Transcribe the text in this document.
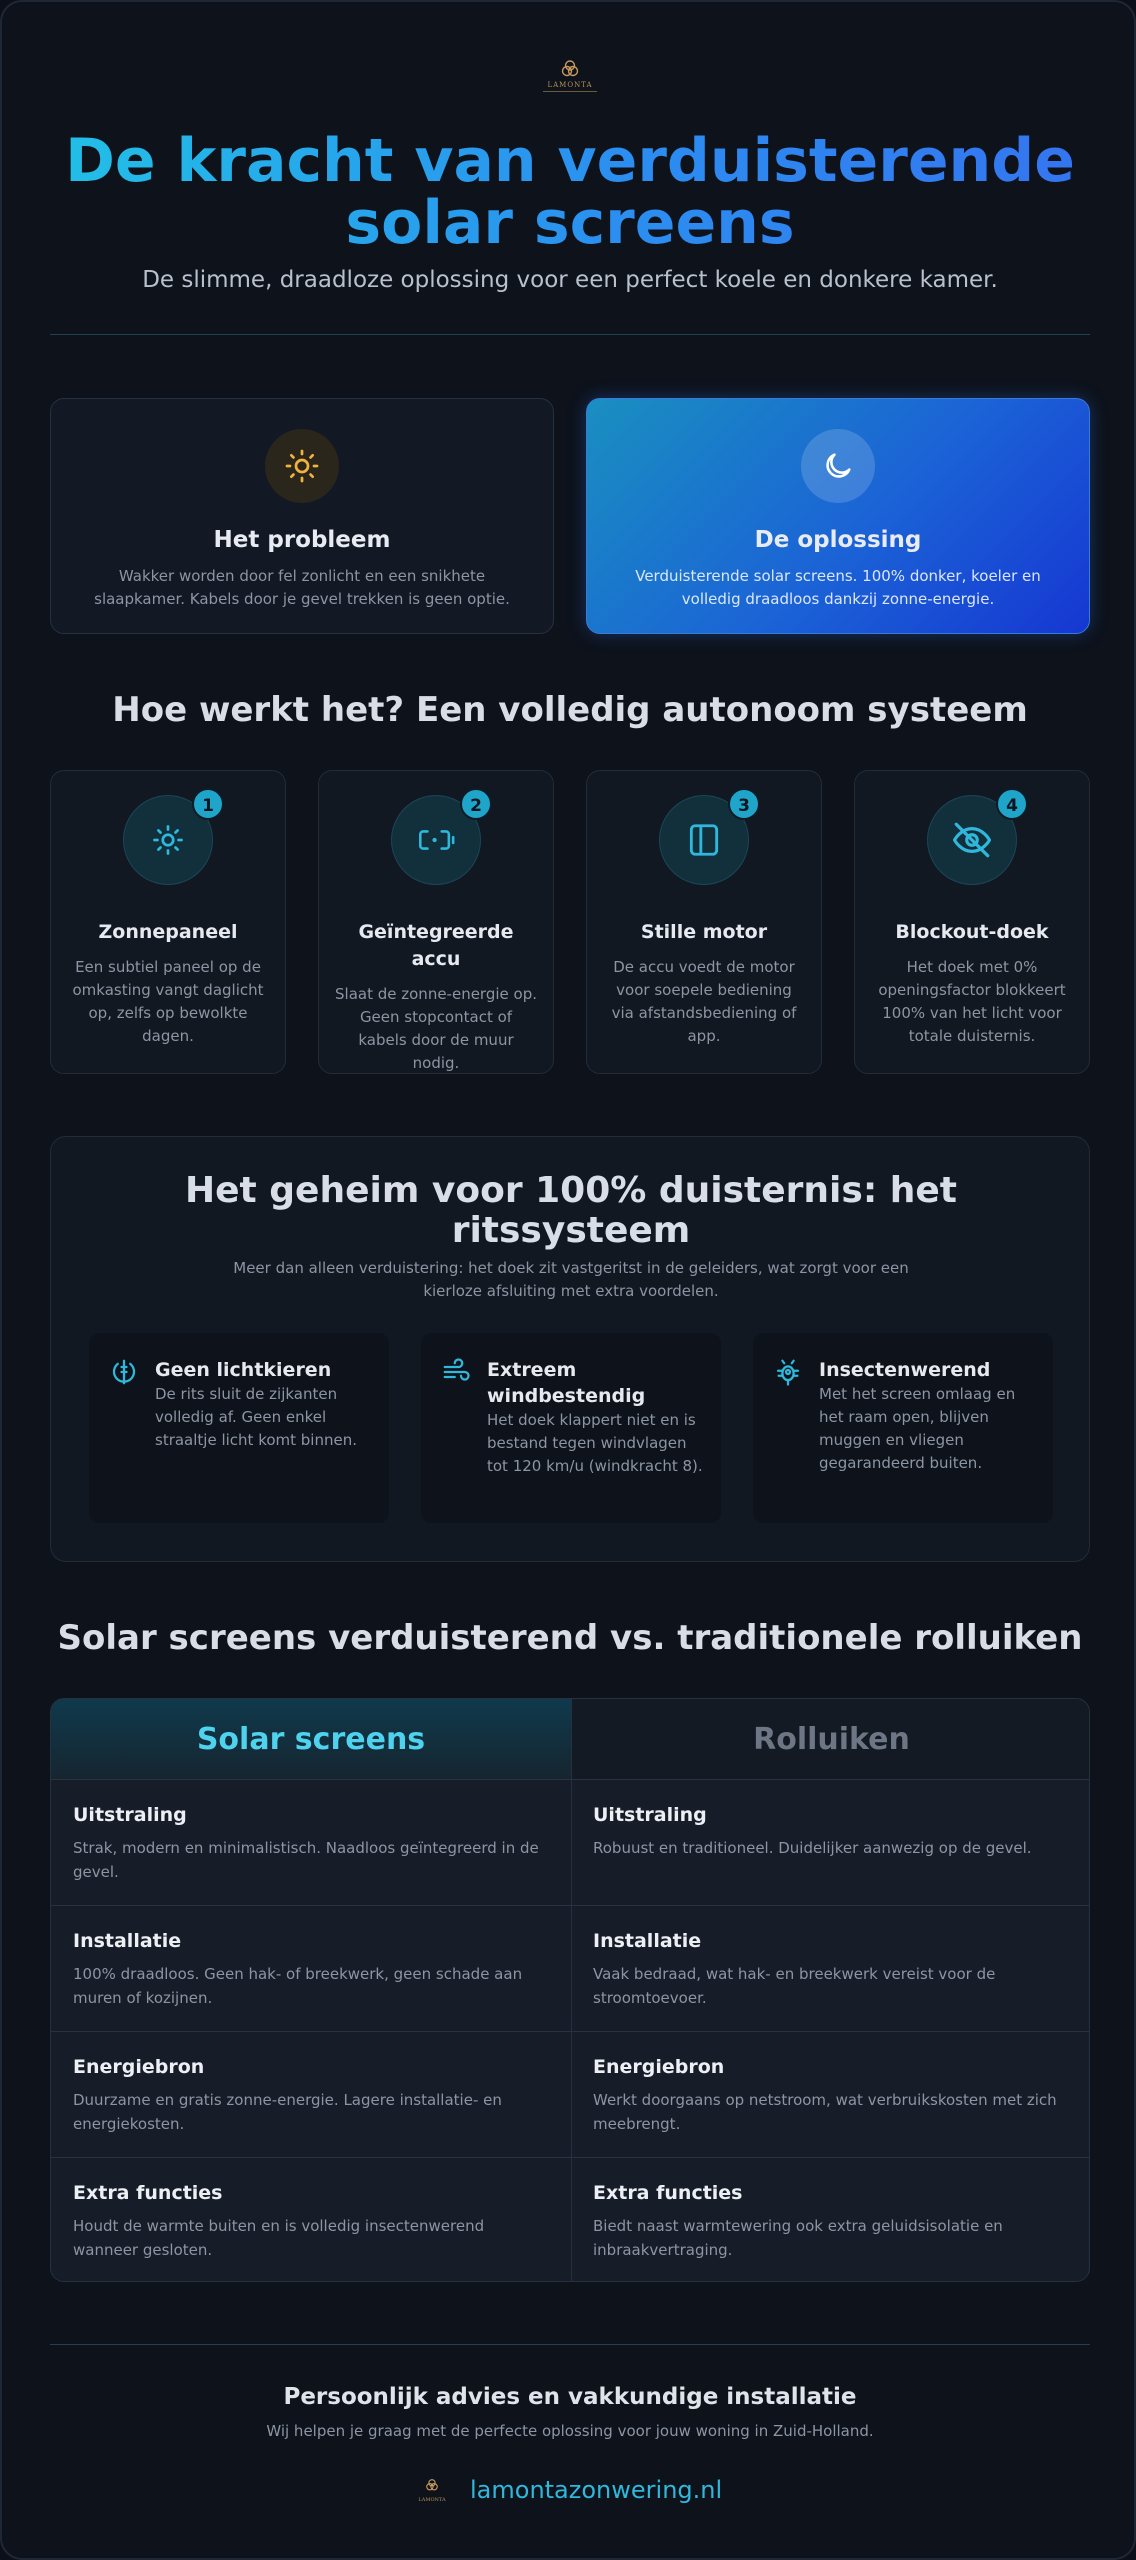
LAMONTA
De kracht van verduisterende solar screens

De slimme, draadloze oplossing voor een perfect koele en donkere kamer.

Het probleem
Wakker worden door fel zonlicht en een snikhete slaapkamer. Kabels door je gevel trekken is geen optie.
De oplossing
Verduisterende solar screens. 100% donker, koeler en volledig draadloos dankzij zonne-energie.
Hoe werkt het? Een volledig autonoom systeem
1
Zonnepaneel
Een subtiel paneel op de omkasting vangt daglicht op, zelfs op bewolkte dagen.
2
Geïntegreerde accu
Slaat de zonne-energie op. Geen stopcontact of kabels door de muur nodig.
3
Stille motor
De accu voedt de motor voor soepele bediening via afstandsbediening of app.
4
Blockout-doek
Het doek met 0% openingsfactor blokkeert 100% van het licht voor totale duisternis.
Het geheim voor 100% duisternis: het ritssysteem

Meer dan alleen verduistering: het doek zit vastgeritst in de geleiders, wat zorgt voor een kierloze afsluiting met extra voordelen.

Geen lichtkieren
De rits sluit de zijkanten volledig af. Geen enkel straaltje licht komt binnen.
Extreem windbestendig
Het doek klappert niet en is bestand tegen windvlagen tot 120 km/u (windkracht 8).
Insectenwerend
Met het screen omlaag en het raam open, blijven muggen en vliegen gegarandeerd buiten.
Solar screens verduisterend vs. traditionele rolluiken
Solar screens	Rolluiken
Uitstraling
Strak, modern en minimalistisch. Naadloos geïntegreerd in de gevel.
Uitstraling
Robuust en traditioneel. Duidelijker aanwezig op de gevel.
Installatie
100% draadloos. Geen hak- of breekwerk, geen schade aan muren of kozijnen.
Installatie
Vaak bedraad, wat hak- en breekwerk vereist voor de stroomtoevoer.
Energiebron
Duurzame en gratis zonne-energie. Lagere installatie- en energiekosten.
Energiebron
Werkt doorgaans op netstroom, wat verbruikskosten met zich meebrengt.
Extra functies
Houdt de warmte buiten en is volledig insectenwerend wanneer gesloten.
Extra functies
Biedt naast warmtewering ook extra geluidsisolatie en inbraakvertraging.
Persoonlijk advies en vakkundige installatie
Wij helpen je graag met de perfecte oplossing voor jouw woning in Zuid-Holland.
LAMONTA lamontazonwering.nl
